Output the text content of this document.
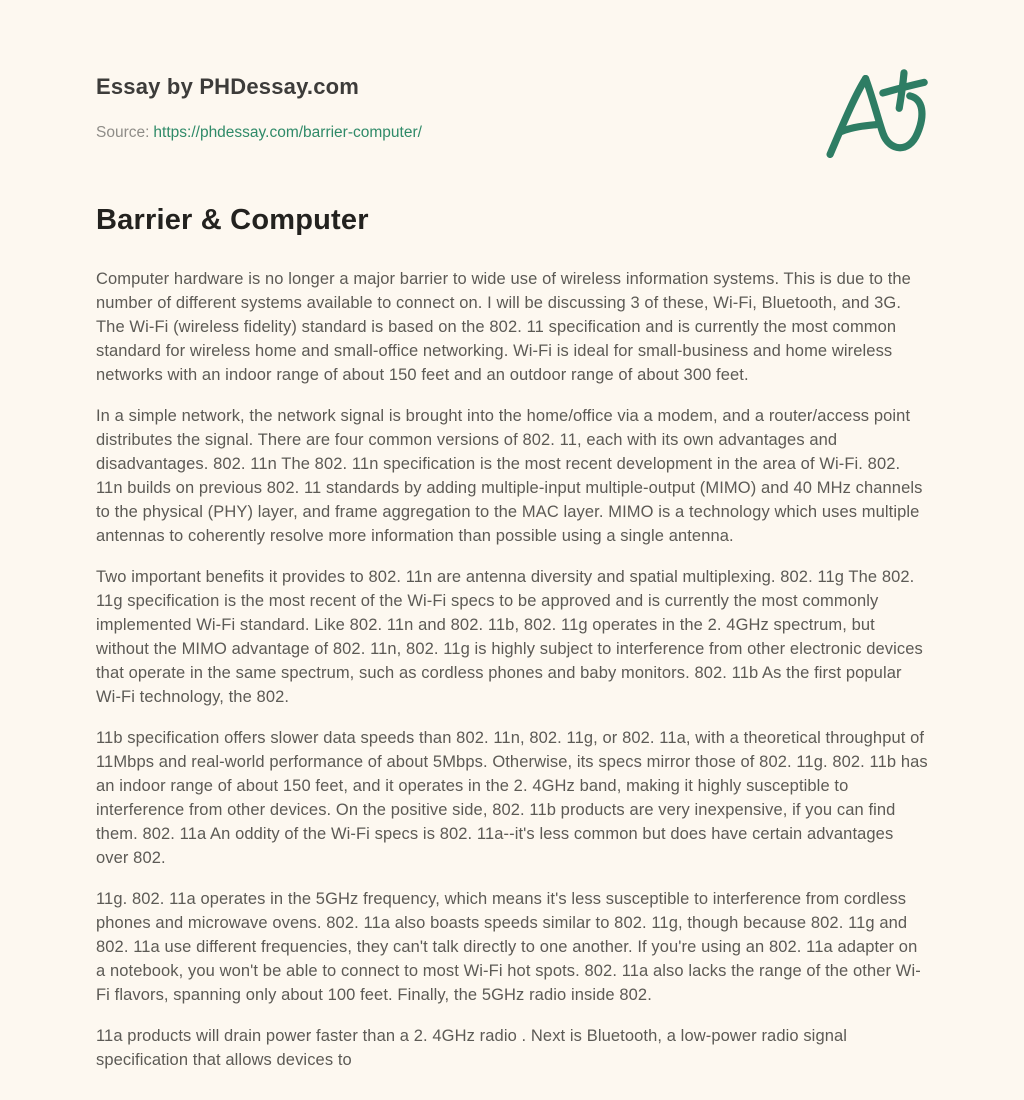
Essay by PHDessay.com
Source: https://phdessay.com/barrier-computer/
Barrier & Computer

Computer hardware is no longer a major barrier to wide use of wireless information systems. This is due to the number of different systems available to connect on. I will be discussing 3 of these, Wi-Fi, Bluetooth, and 3G. The Wi-Fi (wireless fidelity) standard is based on the 802. 11 specification and is currently the most common standard for wireless home and small-office networking. Wi-Fi is ideal for small-business and home wireless networks with an indoor range of about 150 feet and an outdoor range of about 300 feet.

In a simple network, the network signal is brought into the home/office via a modem, and a router/access point distributes the signal. There are four common versions of 802. 11, each with its own advantages and disadvantages. 802. 11n The 802. 11n specification is the most recent development in the area of Wi-Fi. 802. 11n builds on previous 802. 11 standards by adding multiple-input multiple-output (MIMO) and 40 MHz channels to the physical (PHY) layer, and frame aggregation to the MAC layer. MIMO is a technology which uses multiple antennas to coherently resolve more information than possible using a single antenna.

Two important benefits it provides to 802. 11n are antenna diversity and spatial multiplexing. 802. 11g The 802. 11g specification is the most recent of the Wi-Fi specs to be approved and is currently the most commonly implemented Wi-Fi standard. Like 802. 11n and 802. 11b, 802. 11g operates in the 2. 4GHz spectrum, but without the MIMO advantage of 802. 11n, 802. 11g is highly subject to interference from other electronic devices that operate in the same spectrum, such as cordless phones and baby monitors. 802. 11b As the first popular Wi-Fi technology, the 802.

11b specification offers slower data speeds than 802. 11n, 802. 11g, or 802. 11a, with a theoretical throughput of 11Mbps and real-world performance of about 5Mbps. Otherwise, its specs mirror those of 802. 11g. 802. 11b has an indoor range of about 150 feet, and it operates in the 2. 4GHz band, making it highly susceptible to interference from other devices. On the positive side, 802. 11b products are very inexpensive, if you can find them. 802. 11a An oddity of the Wi-Fi specs is 802. 11a--it's less common but does have certain advantages over 802.

11g. 802. 11a operates in the 5GHz frequency, which means it's less susceptible to interference from cordless phones and microwave ovens. 802. 11a also boasts speeds similar to 802. 11g, though because 802. 11g and 802. 11a use different frequencies, they can't talk directly to one another. If you're using an 802. 11a adapter on a notebook, you won't be able to connect to most Wi-Fi hot spots. 802. 11a also lacks the range of the other Wi-Fi flavors, spanning only about 100 feet. Finally, the 5GHz radio inside 802.

11a products will drain power faster than a 2. 4GHz radio . Next is Bluetooth, a low-power radio signal specification that allows devices to
